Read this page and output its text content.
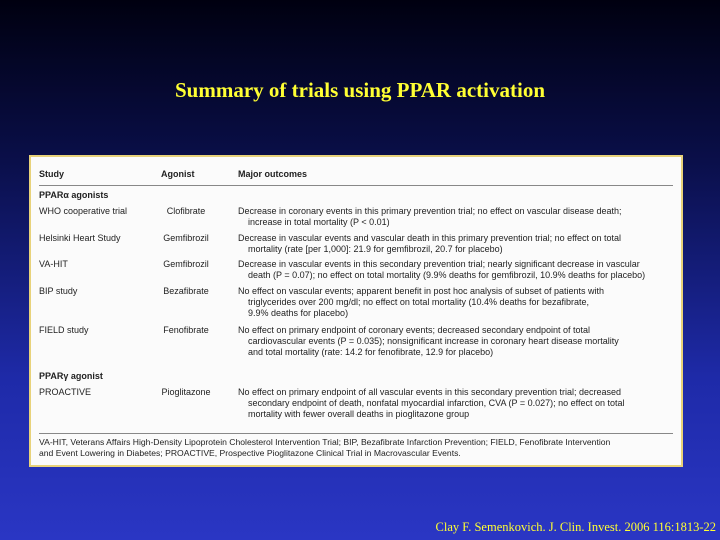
Summary of trials using PPAR activation
Study	Agonist	Major outcomes
PPARα agonists
WHO cooperative trial	Clofibrate	Decrease in coronary events in this primary prevention trial; no effect on vascular disease death;
increase in total mortality (P < 0.01)
Helsinki Heart Study	Gemfibrozil	Decrease in vascular events and vascular death in this primary prevention trial; no effect on total
mortality (rate [per 1,000]: 21.9 for gemfibrozil, 20.7 for placebo)
VA-HIT	Gemfibrozil	Decrease in vascular events in this secondary prevention trial; nearly significant decrease in vascular
death (P = 0.07); no effect on total mortality (9.9% deaths for gemfibrozil, 10.9% deaths for placebo)
BIP study	Bezafibrate	No effect on vascular events; apparent benefit in post hoc analysis of subset of patients with
triglycerides over 200 mg/dl; no effect on total mortality (10.4% deaths for bezafibrate,
9.9% deaths for placebo)
FIELD study	Fenofibrate	No effect on primary endpoint of coronary events; decreased secondary endpoint of total
cardiovascular events (P = 0.035); nonsignificant increase in coronary heart disease mortality
and total mortality (rate: 14.2 for fenofibrate, 12.9 for placebo)
PPARγ agonist
PROACTIVE	Pioglitazone	No effect on primary endpoint of all vascular events in this secondary prevention trial; decreased
secondary endpoint of death, nonfatal myocardial infarction, CVA (P = 0.027); no effect on total
mortality with fewer overall deaths in pioglitazone group
VA-HIT, Veterans Affairs High-Density Lipoprotein Cholesterol Intervention Trial; BIP, Bezafibrate Infarction Prevention; FIELD, Fenofibrate Intervention
and Event Lowering in Diabetes; PROACTIVE, Prospective Pioglitazone Clinical Trial in Macrovascular Events.
Clay F. Semenkovich. J. Clin. Invest. 2006 116:1813-22
